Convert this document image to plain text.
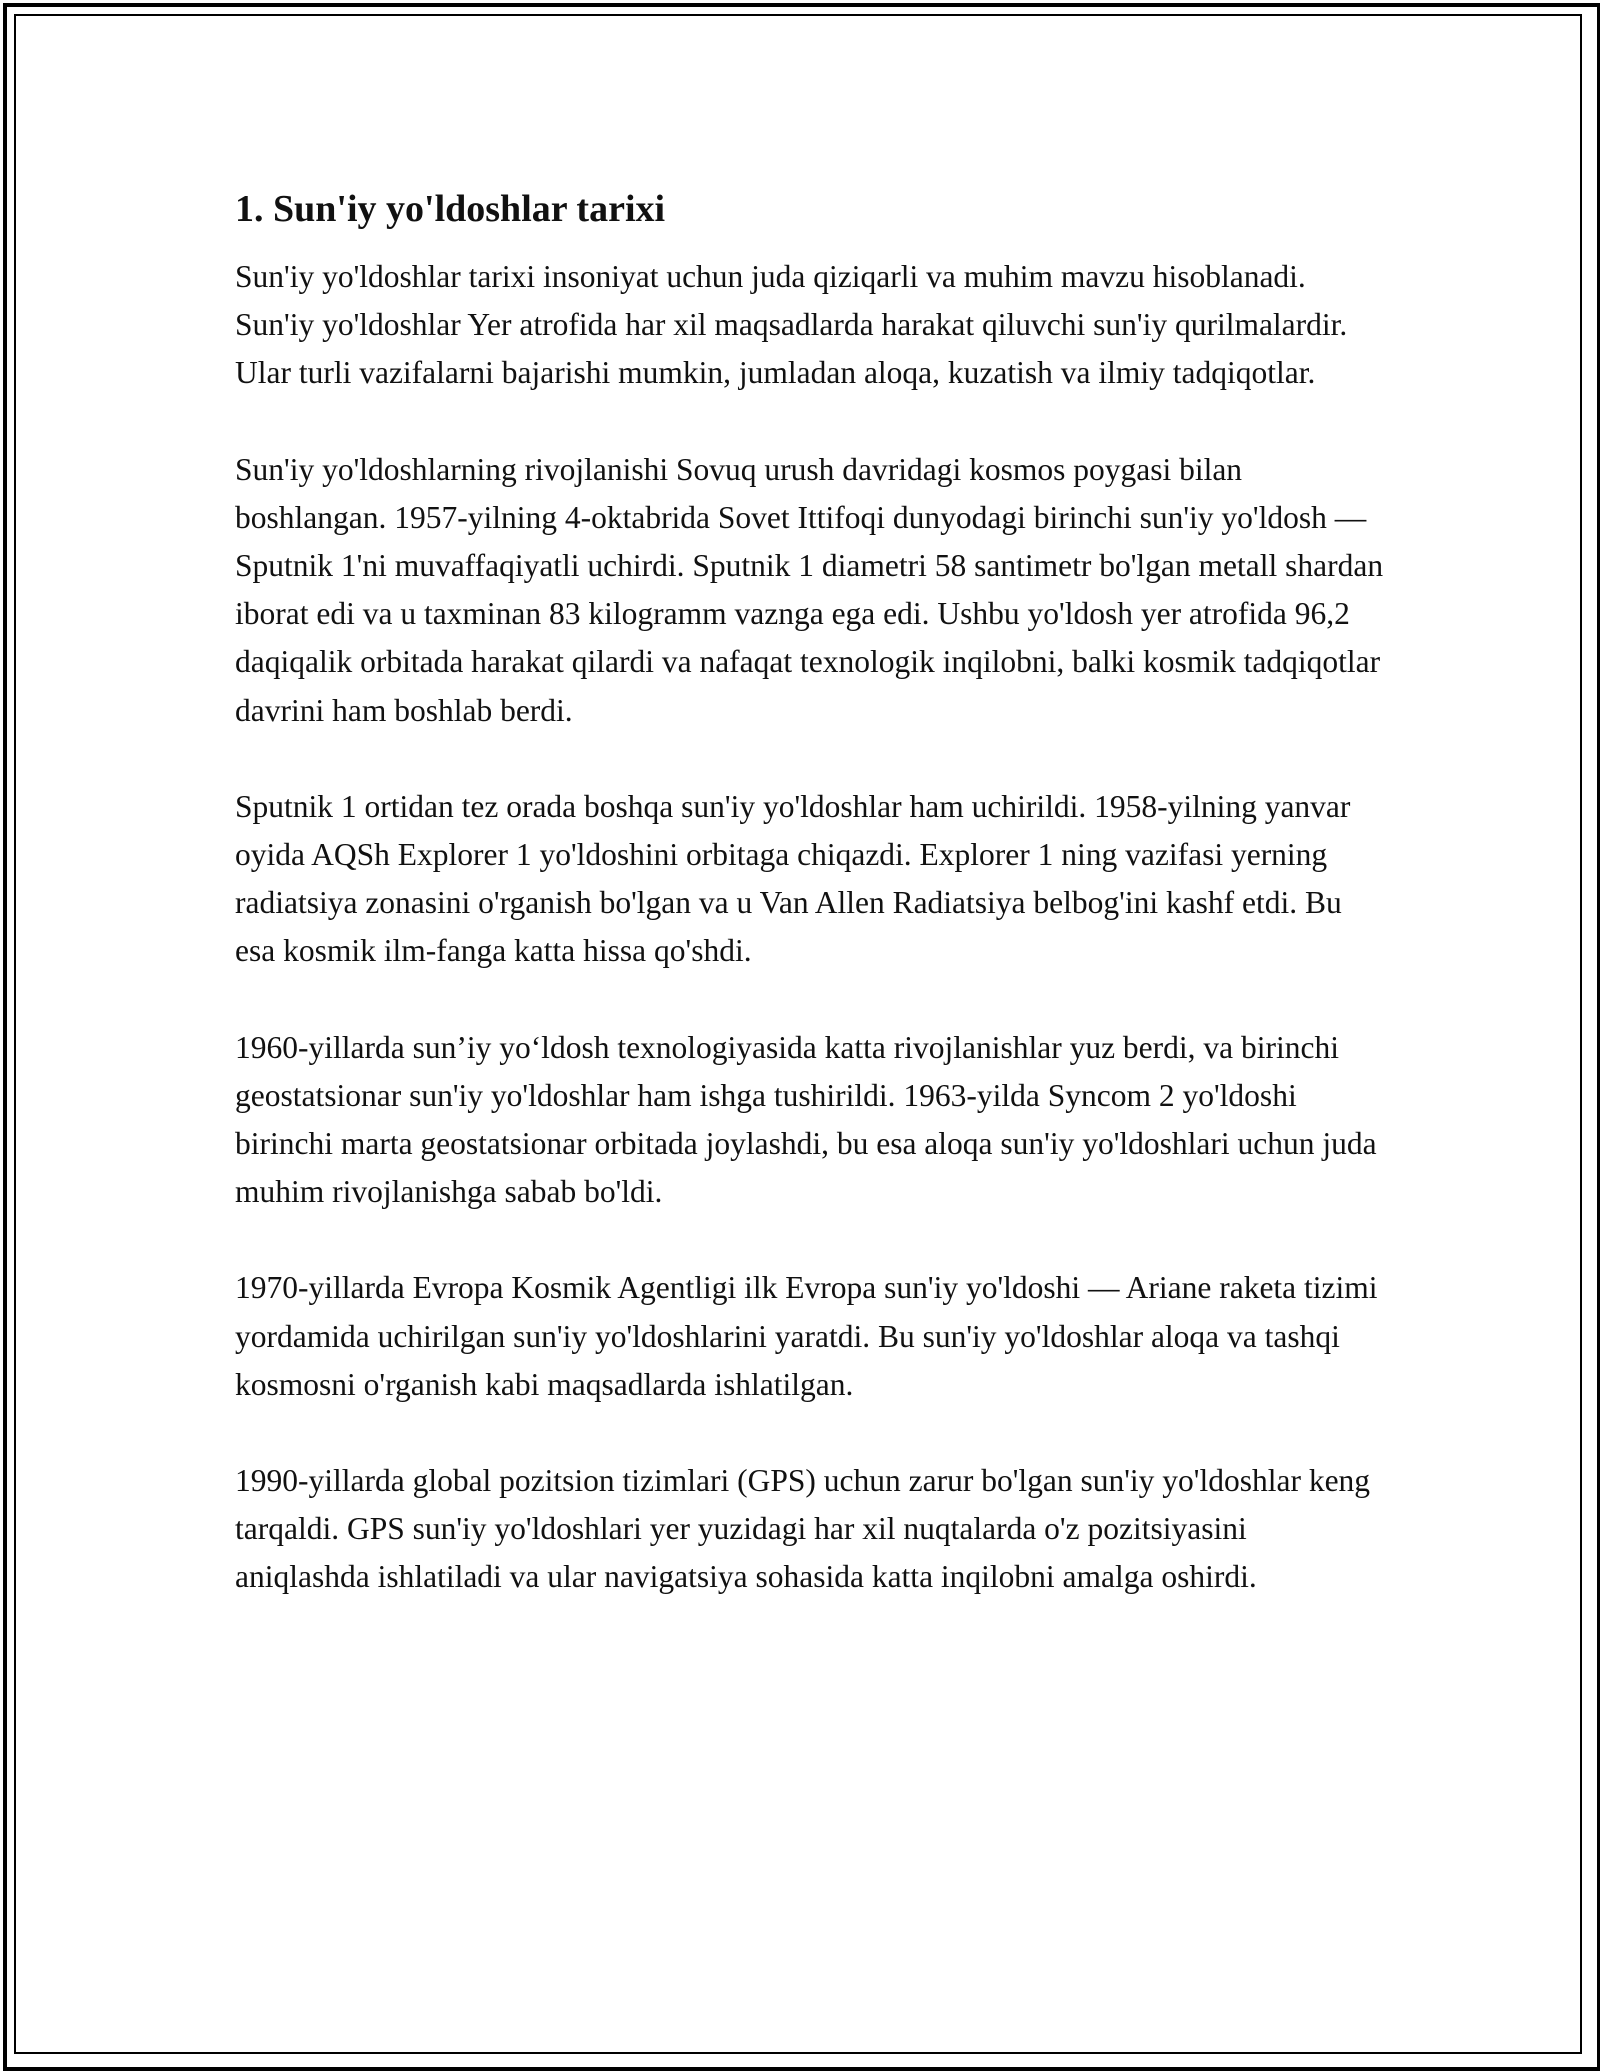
1. Sun'iy yo'ldoshlar tarixi

Sun'iy yo'ldoshlar tarixi insoniyat uchun juda qiziqarli va muhim mavzu hisoblanadi. Sun'iy yo'ldoshlar Yer atrofida har xil maqsadlarda harakat qiluvchi sun'iy qurilmalardir. Ular turli vazifalarni bajarishi mumkin, jumladan aloqa, kuzatish va ilmiy tadqiqotlar.

Sun'iy yo'ldoshlarning rivojlanishi Sovuq urush davridagi kosmos poygasi bilan boshlangan. 1957-yilning 4-oktabrida Sovet Ittifoqi dunyodagi birinchi sun'iy yo'ldosh — Sputnik 1'ni muvaffaqiyatli uchirdi. Sputnik 1 diametri 58 santimetr bo'lgan metall shardan iborat edi va u taxminan 83 kilogramm vaznga ega edi. Ushbu yo'ldosh yer atrofida 96,2 daqiqalik orbitada harakat qilardi va nafaqat texnologik inqilobni, balki kosmik tadqiqotlar davrini ham boshlab berdi.

Sputnik 1 ortidan tez orada boshqa sun'iy yo'ldoshlar ham uchirildi. 1958-yilning yanvar oyida AQSh Explorer 1 yo'ldoshini orbitaga chiqazdi. Explorer 1 ning vazifasi yerning radiatsiya zonasini o'rganish bo'lgan va u Van Allen Radiatsiya belbog'ini kashf etdi. Bu esa kosmik ilm-fanga katta hissa qo'shdi.

1960-yillarda sun’iy yo‘ldosh texnologiyasida katta rivojlanishlar yuz berdi, va birinchi geostatsionar sun'iy yo'ldoshlar ham ishga tushirildi. 1963-yilda Syncom 2 yo'ldoshi birinchi marta geostatsionar orbitada joylashdi, bu esa aloqa sun'iy yo'ldoshlari uchun juda muhim rivojlanishga sabab bo'ldi.

1970-yillarda Evropa Kosmik Agentligi ilk Evropa sun'iy yo'ldoshi — Ariane raketa tizimi yordamida uchirilgan sun'iy yo'ldoshlarini yaratdi. Bu sun'iy yo'ldoshlar aloqa va tashqi kosmosni o'rganish kabi maqsadlarda ishlatilgan.

1990-yillarda global pozitsion tizimlari (GPS) uchun zarur bo'lgan sun'iy yo'ldoshlar keng tarqaldi. GPS sun'iy yo'ldoshlari yer yuzidagi har xil nuqtalarda o'z pozitsiyasini aniqlashda ishlatiladi va ular navigatsiya sohasida katta inqilobni amalga oshirdi.
